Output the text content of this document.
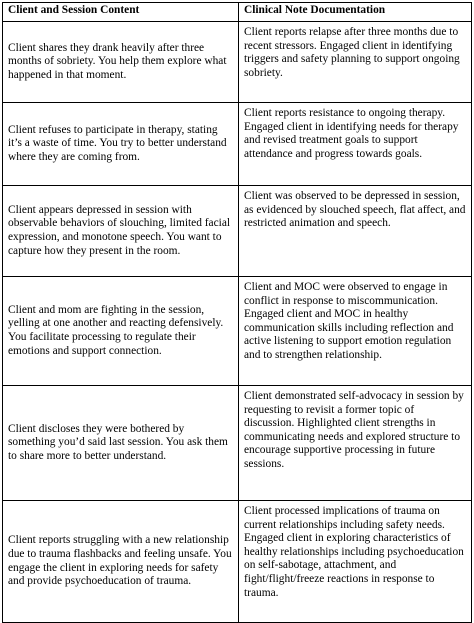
Client and Session Content	Clinical Note Documentation
Client shares they drank heavily after three months of sobriety. You help them explore what happened in that moment.	Client reports relapse after three months due to recent stressors. Engaged client in identifying triggers and safety planning to support ongoing sobriety.
Client refuses to participate in therapy, stating it’s a waste of time. You try to better understand where they are coming from.	Client reports resistance to ongoing therapy. Engaged client in identifying needs for therapy and revised treatment goals to support attendance and progress towards goals.
Client appears depressed in session with observable behaviors of slouching, limited facial expression, and monotone speech. You want to capture how they present in the room.	Client was observed to be depressed in session, as evidenced by slouched speech, flat affect, and restricted animation and speech.
Client and mom are fighting in the session, yelling at one another and reacting defensively. You facilitate processing to regulate their emotions and support connection.	Client and MOC were observed to engage in conflict in response to miscommunication. Engaged client and MOC in healthy communication skills including reflection and active listening to support emotion regulation and to strengthen relationship.
Client discloses they were bothered by something you’d said last session. You ask them to share more to better understand.	Client demonstrated self-advocacy in session by requesting to revisit a former topic of discussion. Highlighted client strengths in communicating needs and explored structure to encourage supportive processing in future sessions.
Client reports struggling with a new relationship due to trauma flashbacks and feeling unsafe. You engage the client in exploring needs for safety and provide psychoeducation of trauma.	Client processed implications of trauma on current relationships including safety needs. Engaged client in exploring characteristics of healthy relationships including psychoeducation on self-sabotage, attachment, and fight/flight/freeze reactions in response to trauma.
